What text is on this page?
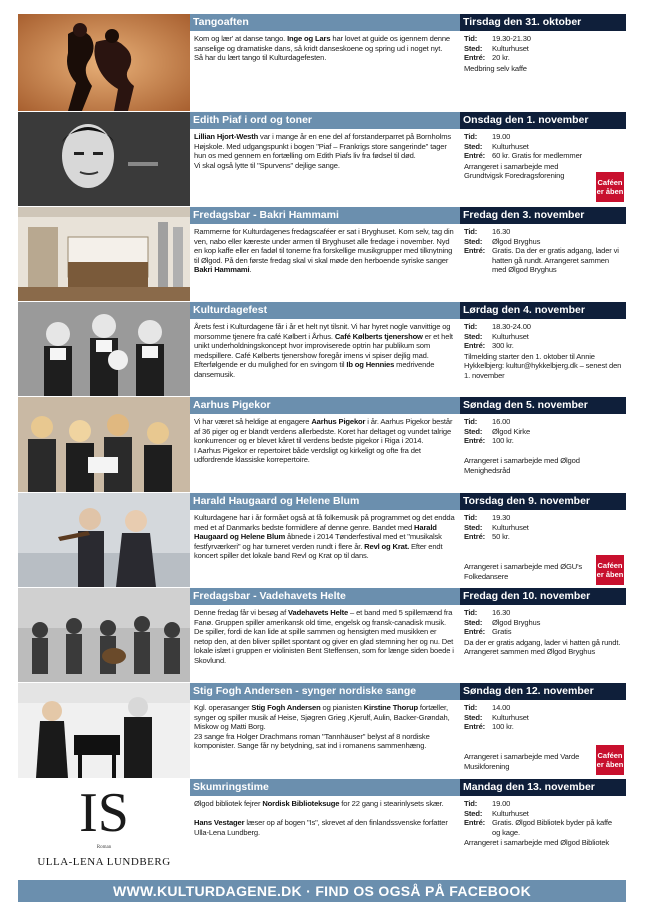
Tangoaften
Kom og lær' at danse tango. Inge og Lars har lovet at guide os igennem denne sanselige og dramatiske dans, så kridt danseskoene og spring ud i noget nyt.
Så har du lært tango til Kulturdagefesten.
Tirsdag den 31. oktober
Tid:	19.30-21.30
Sted:	Kulturhuset
Entré: 20 kr.
Medbring selv kaffe
Edith Piaf i ord og toner
Lillian Hjort-Westh var i mange år en ene del af forstanderparret på Bornholms Højskole. Med udgangspunkt i bogen "Piaf – Frankrigs store sangerinde" tager hun os med gennem en fortælling om Edith Piafs liv fra fødsel til død.
Vi skal også lytte til "Spurvens" dejlige sange.
Onsdag den 1. november
Tid:	19.00
Sted:	Kulturhuset
Entré: 60 kr. Gratis for medlemmer
Arrangeret i samarbejde med Grundtvigsk Foredragsforening
Caféen
er åben
Fredagsbar - Bakri Hammami
Rammerne for Kulturdagenes fredagscaféer er sat i Bryghuset. Kom selv, tag din ven, nabo eller kæreste under armen til Bryghuset alle fredage i november. Nyd en kop kaffe eller en fadøl til tonerne fra forskellige musikgrupper med tilknytning til Ølgod. På den første fredag skal vi skal møde den herboende syriske sanger Bakri Hammami.
Fredag den 3. november
Tid:	16.30
Sted:	Ølgod Bryghus
Entré: Gratis. Da der er gratis adgang, lader vi hatten gå rundt. Arrangeret sammen med Ølgod Bryghus
Kulturdagefest
Årets fest i Kulturdagene får i år et helt nyt tilsnit. Vi har hyret nogle vanvittige og morsomme tjenere fra café Kølbert i Århus. Café Kølberts tjenershow er et helt unikt underholdningskoncept hvor improviserede optrin har publikum som medspillere. Café Kølberts tjenershow foregår imens vi spiser dejlig mad. Efterfølgende er du mulighed for en svingom til Ib og Hennies medrivende dansemusik.
Lørdag den 4. november
Tid:	18.30-24.00
Sted:	Kulturhuset
Entré: 300 kr.
Tilmelding starter den 1. oktober til Annie Hykkelbjerg: kultur@hykkelbjerg.dk – senest den 1. november
Aarhus Pigekor
Vi har været så heldige at engagere Aarhus Pigekor i år. Aarhus Pigekor består af 36 piger og er blandt verdens allerbedste. Koret har deltaget og vundet talrige konkurrencer og er blevet kåret til verdens bedste pigekor i Riga i 2014.
I Aarhus Pigekor er repertoiret både verdsligt og kirkeligt og ofte fra det udfordrende klassiske korrepertoire.
Søndag den 5. november
Tid:	16.00
Sted:	Ølgod Kirke
Entré: 100 kr.

Arrangeret i samarbejde med Ølgod Menighedsråd
Harald Haugaard og Helene Blum
Kulturdagene har i år formået også at få folkemusik på programmet og det endda med et af Danmarks bedste formidlere af denne genre. Bandet med Harald Haugaard og Helene Blum åbnede i 2014 Tønderfestival med et "musikalsk festfyrværkeri" og har turneret verden rundt i flere år. Revl og Krat. Efter endt koncert spiller det lokale band Revl og Krat op til dans.
Torsdag den 9. november
Tid:	19.30
Sted:	Kulturhuset
Entré: 50 kr.

Arrangeret i samarbejde med ØGU's Folkedansere
Caféen
er åben
Fredagsbar - Vadehavets Helte
Denne fredag får vi besøg af Vadehavets Helte – et band med 5 spillemænd fra Fanø. Gruppen spiller amerikansk old time, engelsk og fransk-canadisk musik. De spiller, fordi de kan lide at spille sammen og hensigten med musikken er netop den, at den bliver spillet spontant og giver en glad stemning her og nu. Det lokale islæt i gruppen er violinisten Bent Steffensen, som for længe siden boede i Skovlund.
Fredag den 10. november
Tid:	16.30
Sted:	Ølgod Bryghus
Entré: Gratis
Da der er gratis adgang, lader vi hatten gå rundt.
Arrangeret sammen med Ølgod Bryghus
Stig Fogh Andersen - synger nordiske sange
Kgl. operasanger Stig Fogh Andersen og pianisten Kirstine Thorup fortæller, synger og spiller musik af Heise, Sjøgren Grieg ,Kjerulf, Aulin, Backer-Grøndah, Miskow og Matti Borg.
23 sange fra Holger Drachmans roman "Tannhäuser" belyst af 8 nordiske komponister. Sange får ny betydning, sat ind i romanens sammenhæng.
Søndag den 12. november
Tid:	14.00
Sted:	Kulturhuset
Entré: 100 kr.

Arrangeret i samarbejde med Varde Musikforening
Caféen
er åben
IS
Roman
ULLA-LENA LUNDBERG
Skumringstime
Ølgod bibliotek fejrer Nordisk Biblioteksuge for 22 gang i stearinlysets skær.

Hans Vestager læser op af bogen "Is", skrevet af den finlandssvenske forfatter Ulla-Lena Lundberg.
Mandag den 13. november
Tid:	19.00
Sted:	Kulturhuset
Entré: Gratis. Ølgod Bibliotek byder på kaffe og kage.
Arrangeret i samarbejde med Ølgod Bibliotek
WWW.KULTURDAGENE.DK · FIND OS OGSÅ PÅ FACEBOOK
